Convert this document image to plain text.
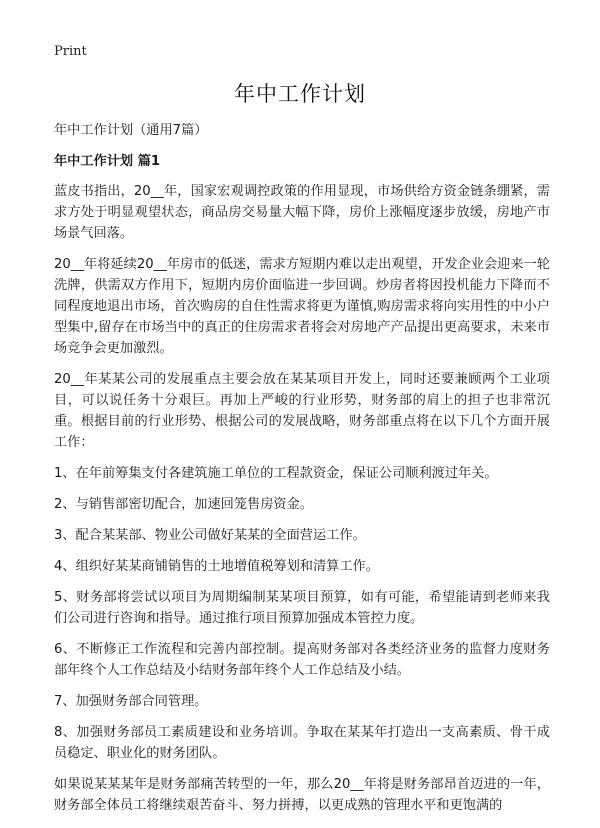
Print
年中工作计划
年中工作计划（通用7篇）
年中工作计划 篇1

蓝皮书指出，20__年，国家宏观调控政策的作用显现，市场供给方资金链条绷紧，需求方处于明显观望状态，商品房交易量大幅下降，房价上涨幅度逐步放缓，房地产市场景气回落。

20__年将延续20__年房市的低迷，需求方短期内难以走出观望，开发企业会迎来一轮洗牌，供需双方作用下，短期内房价面临进一步回调。炒房者将因投机能力下降而不同程度地退出市场，首次购房的自住性需求将更为谨慎,购房需求将向实用性的中小户型集中,留存在市场当中的真正的住房需求者将会对房地产产品提出更高要求，未来市场竞争会更加激烈。

20__年某某公司的发展重点主要会放在某某项目开发上，同时还要兼顾两个工业项目，可以说任务十分艰巨。再加上严峻的行业形势，财务部的肩上的担子也非常沉重。根据目前的行业形势、根据公司的发展战略，财务部重点将在以下几个方面开展工作：

1、在年前筹集支付各建筑施工单位的工程款资金，保证公司顺利渡过年关。

2、与销售部密切配合，加速回笼售房资金。

3、配合某某部、物业公司做好某某的全面营运工作。

4、组织好某某商铺销售的土地增值税筹划和清算工作。

5、财务部将尝试以项目为周期编制某某项目预算，如有可能，希望能请到老师来我们公司进行咨询和指导。通过推行项目预算加强成本管控力度。

6、不断修正工作流程和完善内部控制。提高财务部对各类经济业务的监督力度财务部年终个人工作总结及小结财务部年终个人工作总结及小结。

7、加强财务部合同管理。

8、加强财务部员工素质建设和业务培训。争取在某某年打造出一支高素质、骨干成员稳定、职业化的财务团队。

如果说某某某年是财务部痛苦转型的一年，那么20__年将是财务部昂首迈进的一年，财务部全体员工将继续艰苦奋斗、努力拼搏，以更成熟的管理水平和更饱满的
